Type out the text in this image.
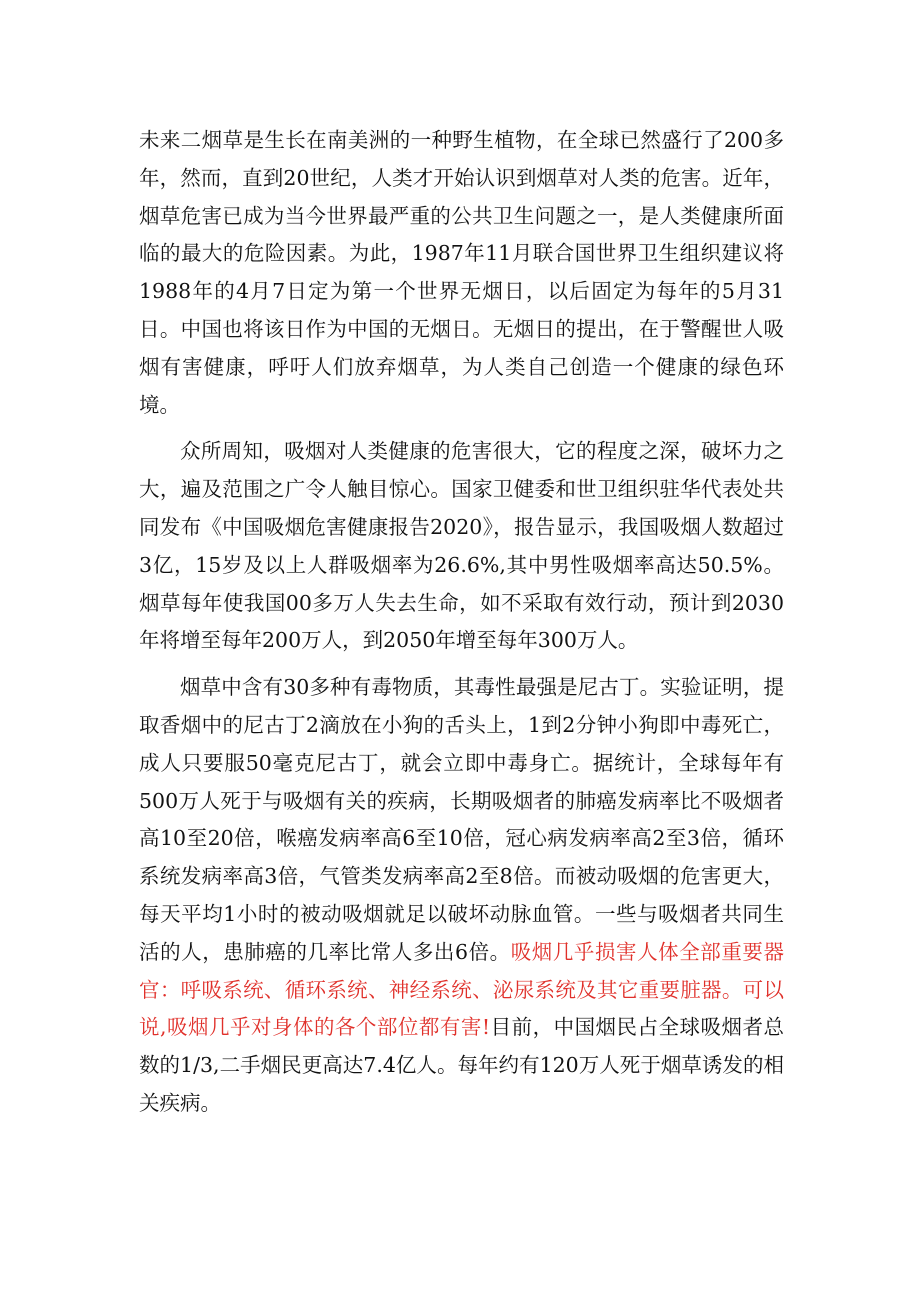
未来二烟草是生长在南美洲的一种野生植物，在全球已然盛行了200多年，然而，直到20世纪，人类才开始认识到烟草对人类的危害。近年，烟草危害已成为当今世界最严重的公共卫生问题之一，是人类健康所面临的最大的危险因素。为此，1987年11月联合国世界卫生组织建议将1988年的4月7日定为第一个世界无烟日，以后固定为每年的5月31日。中国也将该日作为中国的无烟日。无烟日的提出，在于警醒世人吸烟有害健康，呼吁人们放弃烟草，为人类自己创造一个健康的绿色环境。

众所周知，吸烟对人类健康的危害很大，它的程度之深，破坏力之大，遍及范围之广令人触目惊心。国家卫健委和世卫组织驻华代表处共同发布《中国吸烟危害健康报告2020》，报告显示，我国吸烟人数超过3亿，15岁及以上人群吸烟率为26.6%,其中男性吸烟率高达50.5%。烟草每年使我国00多万人失去生命，如不采取有效行动，预计到2030年将增至每年200万人，到2050年增至每年300万人。

烟草中含有30多种有毒物质，其毒性最强是尼古丁。实验证明，提取香烟中的尼古丁2滴放在小狗的舌头上，1到2分钟小狗即中毒死亡，成人只要服50毫克尼古丁，就会立即中毒身亡。据统计，全球每年有500万人死于与吸烟有关的疾病，长期吸烟者的肺癌发病率比不吸烟者高10至20倍，喉癌发病率高6至10倍，冠心病发病率高2至3倍，循环系统发病率高3倍，气管类发病率高2至8倍。而被动吸烟的危害更大，每天平均1小时的被动吸烟就足以破坏动脉血管。一些与吸烟者共同生活的人，患肺癌的几率比常人多出6倍。吸烟几乎损害人体全部重要器官：呼吸系统、循环系统、神经系统、泌尿系统及其它重要脏器。可以说,吸烟几乎对身体的各个部位都有害!目前，中国烟民占全球吸烟者总数的1/3,二手烟民更高达7.4亿人。每年约有120万人死于烟草诱发的相关疾病。
